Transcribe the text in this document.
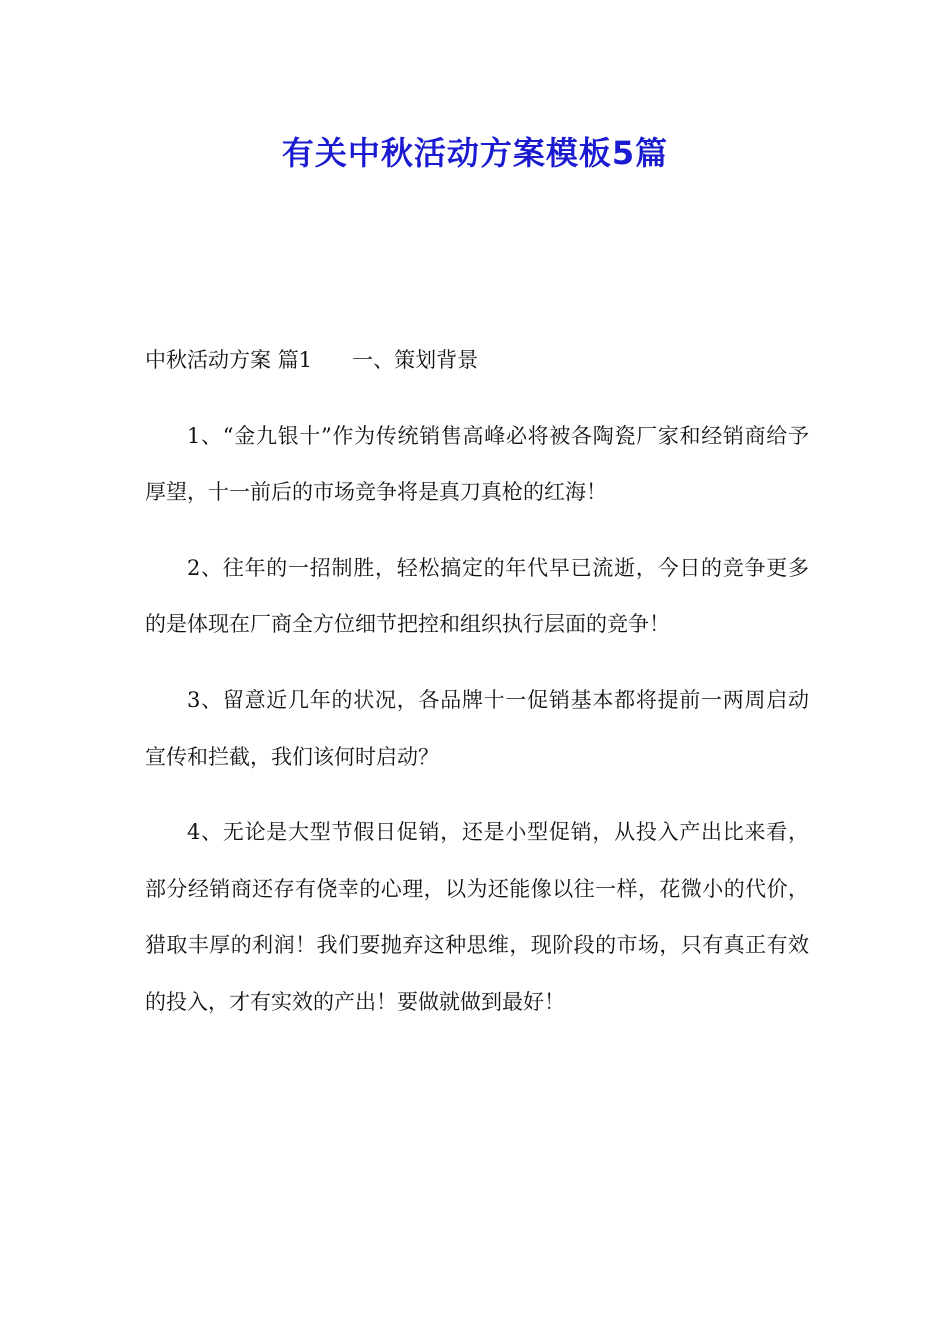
有关中秋活动方案模板5篇

中秋活动方案 篇1 一、策划背景

1、“金九银十”作为传统销售高峰必将被各陶瓷厂家和经销商给予厚望，十一前后的市场竞争将是真刀真枪的红海！

2、往年的一招制胜，轻松搞定的年代早已流逝，今日的竞争更多的是体现在厂商全方位细节把控和组织执行层面的竞争！

3、留意近几年的状况，各品牌十一促销基本都将提前一两周启动宣传和拦截，我们该何时启动？

4、无论是大型节假日促销，还是小型促销，从投入产出比来看，部分经销商还存有侥幸的心理，以为还能像以往一样，花微小的代价，猎取丰厚的利润！我们要抛弃这种思维，现阶段的市场，只有真正有效的投入，才有实效的产出！要做就做到最好！
